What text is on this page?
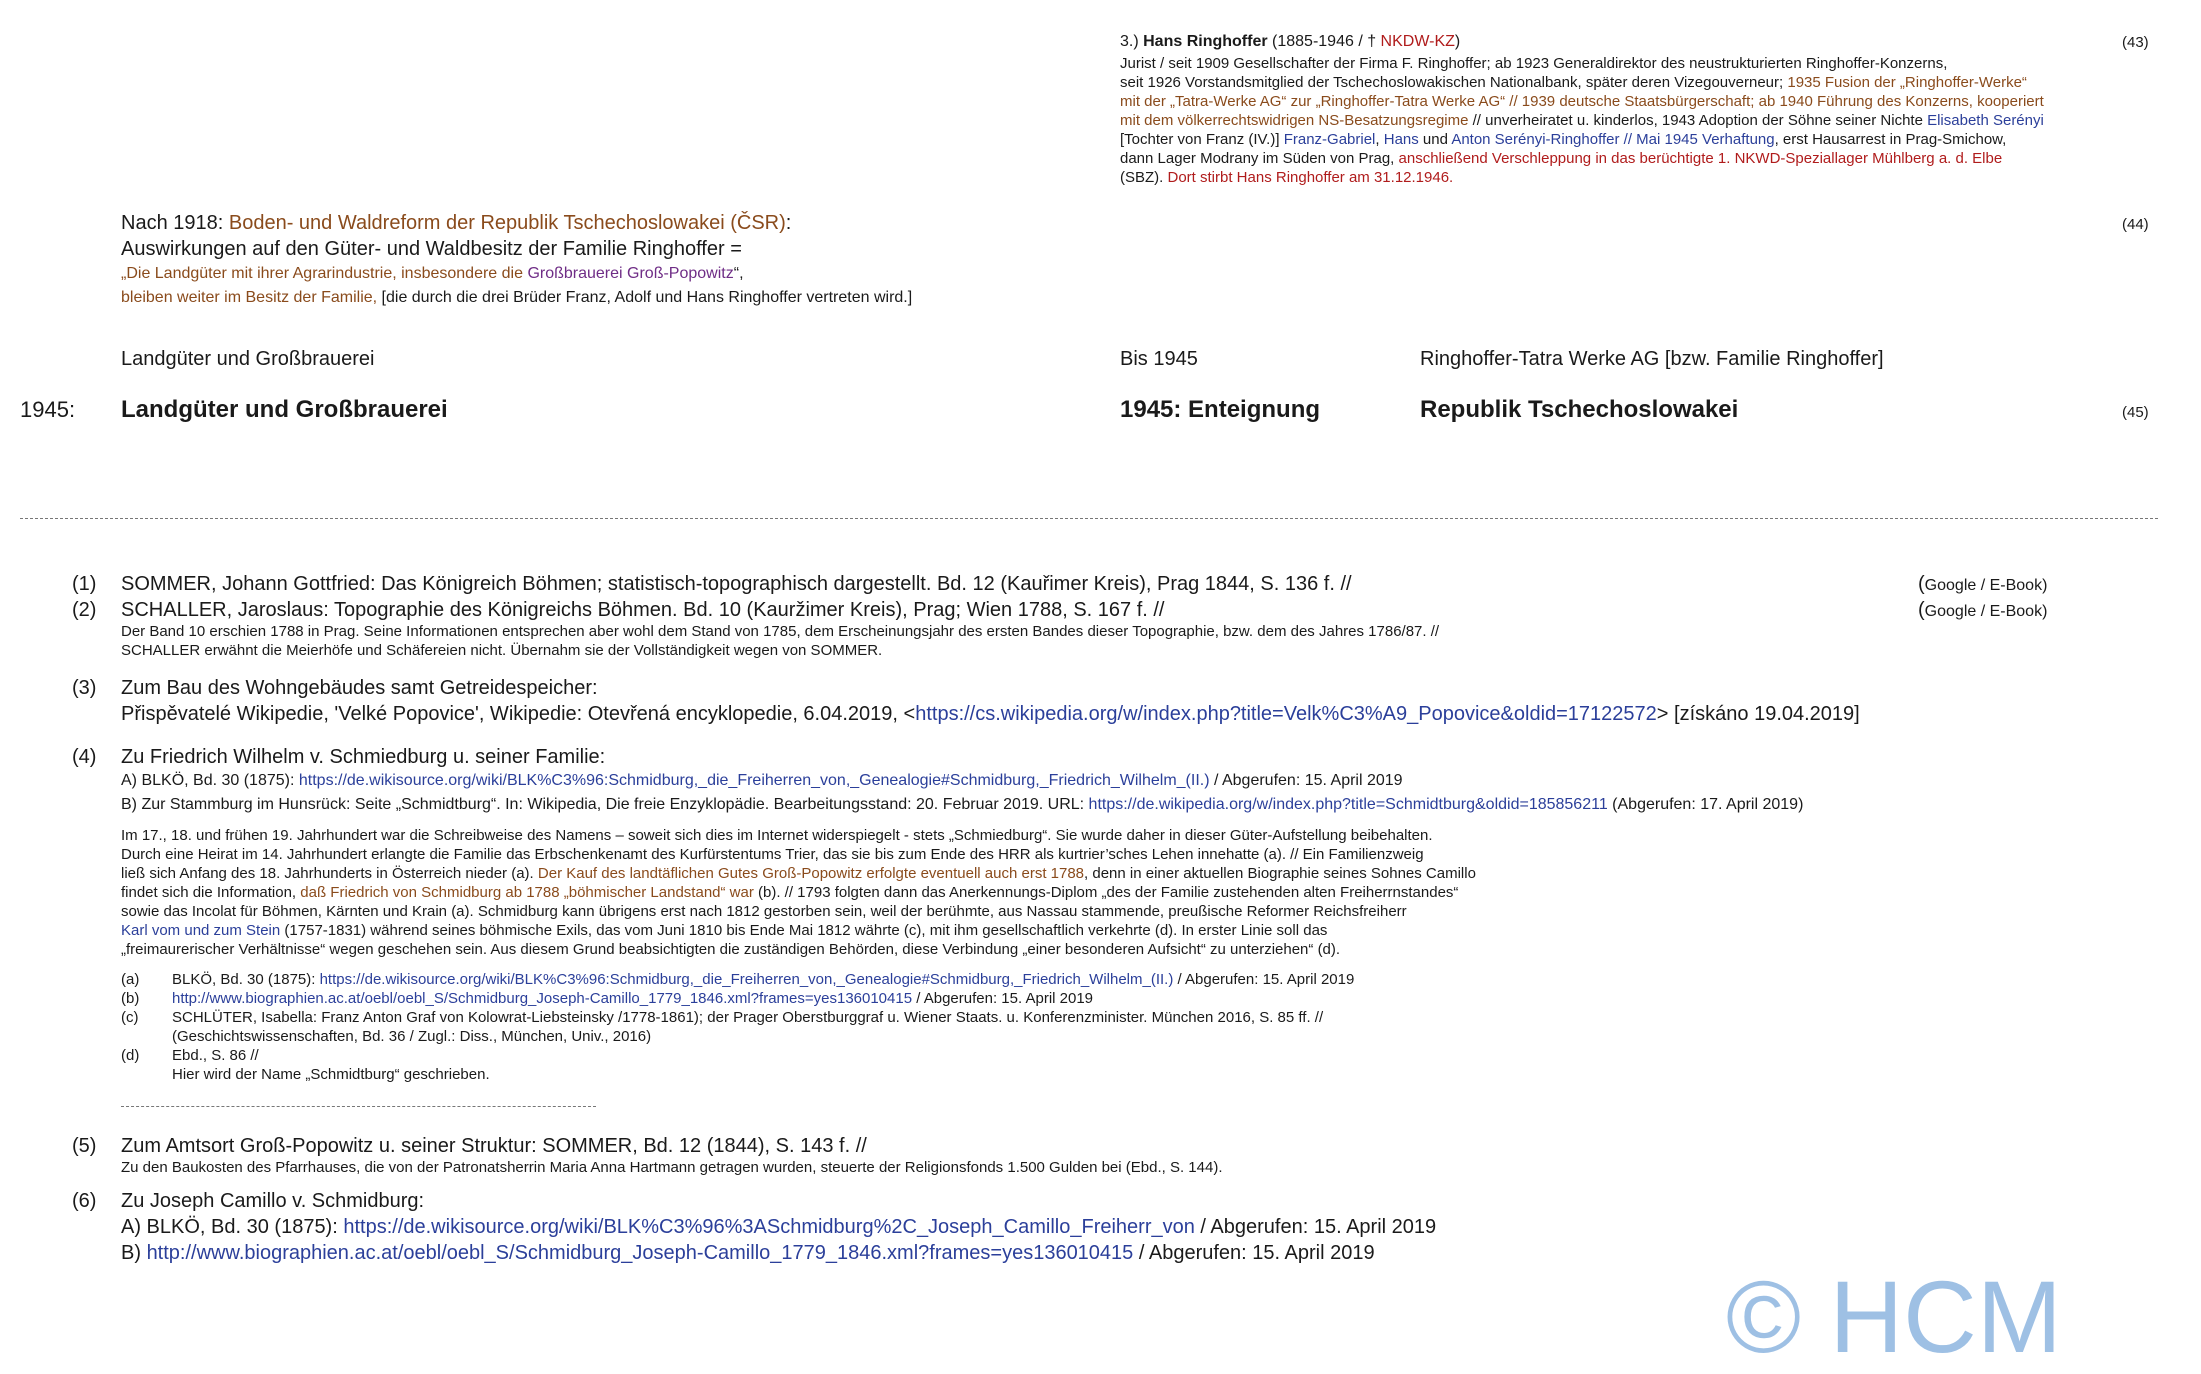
3.) Hans Ringhoffer (1885-1946 / † NKDW-KZ)	(43)
Jurist / seit 1909 Gesellschafter der Firma F. Ringhoffer; ab 1923 Generaldirektor des neustrukturierten Ringhoffer-Konzerns,
seit 1926 Vorstandsmitglied der Tschechoslowakischen Nationalbank, später deren Vizegouverneur; 1935 Fusion der „Ringhoffer-Werke“
mit der „Tatra-Werke AG“ zur „Ringhoffer-Tatra Werke AG“ // 1939 deutsche Staatsbürgerschaft; ab 1940 Führung des Konzerns, kooperiert
mit dem völkerrechtswidrigen NS-Besatzungsregime // unverheiratet u. kinderlos, 1943 Adoption der Söhne seiner Nichte Elisabeth Serényi
[Tochter von Franz (IV.)] Franz-Gabriel, Hans und Anton Serényi-Ringhoffer // Mai 1945 Verhaftung, erst Hausarrest in Prag-Smichow,
dann Lager Modrany im Süden von Prag, anschließend Verschleppung in das berüchtigte 1. NKWD-Speziallager Mühlberg a. d. Elbe
(SBZ). Dort stirbt Hans Ringhoffer am 31.12.1946.
Nach 1918: Boden- und Waldreform der Republik Tschechoslowakei (ČSR):	(44)
Auswirkungen auf den Güter- und Waldbesitz der Familie Ringhoffer =
„Die Landgüter mit ihrer Agrarindustrie, insbesondere die Großbrauerei Groß-Popowitz“,
bleiben weiter im Besitz der Familie, [die durch die drei Brüder Franz, Adolf und Hans Ringhoffer vertreten wird.]
Landgüter und Großbrauerei	Bis 1945	Ringhoffer-Tatra Werke AG [bzw. Familie Ringhoffer]
1945: Landgüter und Großbrauerei	1945: Enteignung	Republik Tschechoslowakei	(45)
(1) SOMMER, Johann Gottfried: Das Königreich Böhmen; statistisch-topographisch dargestellt. Bd. 12 (Kauřimer Kreis), Prag 1844, S. 136 f. //	(Google / E-Book)
(2) SCHALLER, Jaroslaus: Topographie des Königreichs Böhmen. Bd. 10 (Kauržimer Kreis), Prag; Wien 1788, S. 167 f. //	(Google / E-Book)
Der Band 10 erschien 1788 in Prag. Seine Informationen entsprechen aber wohl dem Stand von 1785, dem Erscheinungsjahr des ersten Bandes dieser Topographie, bzw. dem des Jahres 1786/87. //
SCHALLER erwähnt die Meierhöfe und Schäfereien nicht. Übernahm sie der Vollständigkeit wegen von SOMMER.
(3) Zum Bau des Wohngebäudes samt Getreidespeicher:
Přispěvatelé Wikipedie, 'Velké Popovice', Wikipedie: Otevřená encyklopedie, 6.04.2019, <https://cs.wikipedia.org/w/index.php?title=Velk%C3%A9_Popovice&oldid=17122572> [získáno 19.04.2019]
(4) Zu Friedrich Wilhelm v. Schmiedburg u. seiner Familie:
A) BLKÖ, Bd. 30 (1875): https://de.wikisource.org/wiki/BLK%C3%96:Schmidburg,_die_Freiherren_von,_Genealogie#Schmidburg,_Friedrich_Wilhelm_(II.) / Abgerufen: 15. April 2019
B) Zur Stammburg im Hunsrück: Seite „Schmidtburg“. In: Wikipedia, Die freie Enzyklopädie. Bearbeitungsstand: 20. Februar 2019. URL: https://de.wikipedia.org/w/index.php?title=Schmidtburg&oldid=185856211 (Abgerufen: 17. April 2019)
Im 17., 18. und frühen 19. Jahrhundert war die Schreibweise des Namens – soweit sich dies im Internet widerspiegelt - stets „Schmiedburg“. Sie wurde daher in dieser Güter-Aufstellung beibehalten.
Durch eine Heirat im 14. Jahrhundert erlangte die Familie das Erbschenkenamt des Kurfürstentums Trier, das sie bis zum Ende des HRR als kurtrier’sches Lehen innehatte (a). // Ein Familienzweig
ließ sich Anfang des 18. Jahrhunderts in Österreich nieder (a). Der Kauf des landtäflichen Gutes Groß-Popowitz erfolgte eventuell auch erst 1788, denn in einer aktuellen Biographie seines Sohnes Camillo
findet sich die Information, daß Friedrich von Schmidburg ab 1788 „böhmischer Landstand“ war (b). // 1793 folgten dann das Anerkennungs-Diplom „des der Familie zustehenden alten Freiherrnstandes“
sowie das Incolat für Böhmen, Kärnten und Krain (a). Schmidburg kann übrigens erst nach 1812 gestorben sein, weil der berühmte, aus Nassau stammende, preußische Reformer Reichsfreiherr
Karl vom und zum Stein (1757-1831) während seines böhmische Exils, das vom Juni 1810 bis Ende Mai 1812 währte (c), mit ihm gesellschaftlich verkehrte (d). In erster Linie soll das
„freimaurerischer Verhältnisse“ wegen geschehen sein. Aus diesem Grund beabsichtigten die zuständigen Behörden, diese Verbindung „einer besonderen Aufsicht“ zu unterziehen“ (d).
(a) BLKÖ, Bd. 30 (1875): https://de.wikisource.org/wiki/BLK%C3%96:Schmidburg,_die_Freiherren_von,_Genealogie#Schmidburg,_Friedrich_Wilhelm_(II.) / Abgerufen: 15. April 2019
(b) http://www.biographien.ac.at/oebl/oebl_S/Schmidburg_Joseph-Camillo_1779_1846.xml?frames=yes136010415 / Abgerufen: 15. April 2019
(c) SCHLÜTER, Isabella: Franz Anton Graf von Kolowrat-Liebsteinsky /1778-1861); der Prager Oberstburggraf u. Wiener Staats. u. Konferenzminister. München 2016, S. 85 ff. //
(Geschichtswissenschaften, Bd. 36 / Zugl.: Diss., München, Univ., 2016)
(d) Ebd., S. 86 //
Hier wird der Name „Schmidtburg“ geschrieben.
(5) Zum Amtsort Groß-Popowitz u. seiner Struktur: SOMMER, Bd. 12 (1844), S. 143 f. //
Zu den Baukosten des Pfarrhauses, die von der Patronatsherrin Maria Anna Hartmann getragen wurden, steuerte der Religionsfonds 1.500 Gulden bei (Ebd., S. 144).
(6) Zu Joseph Camillo v. Schmidburg:
A) BLKÖ, Bd. 30 (1875): https://de.wikisource.org/wiki/BLK%C3%96%3ASchmidburg%2C_Joseph_Camillo_Freiherr_von / Abgerufen: 15. April 2019
B) http://www.biographien.ac.at/oebl/oebl_S/Schmidburg_Joseph-Camillo_1779_1846.xml?frames=yes136010415 / Abgerufen: 15. April 2019
© HCM
